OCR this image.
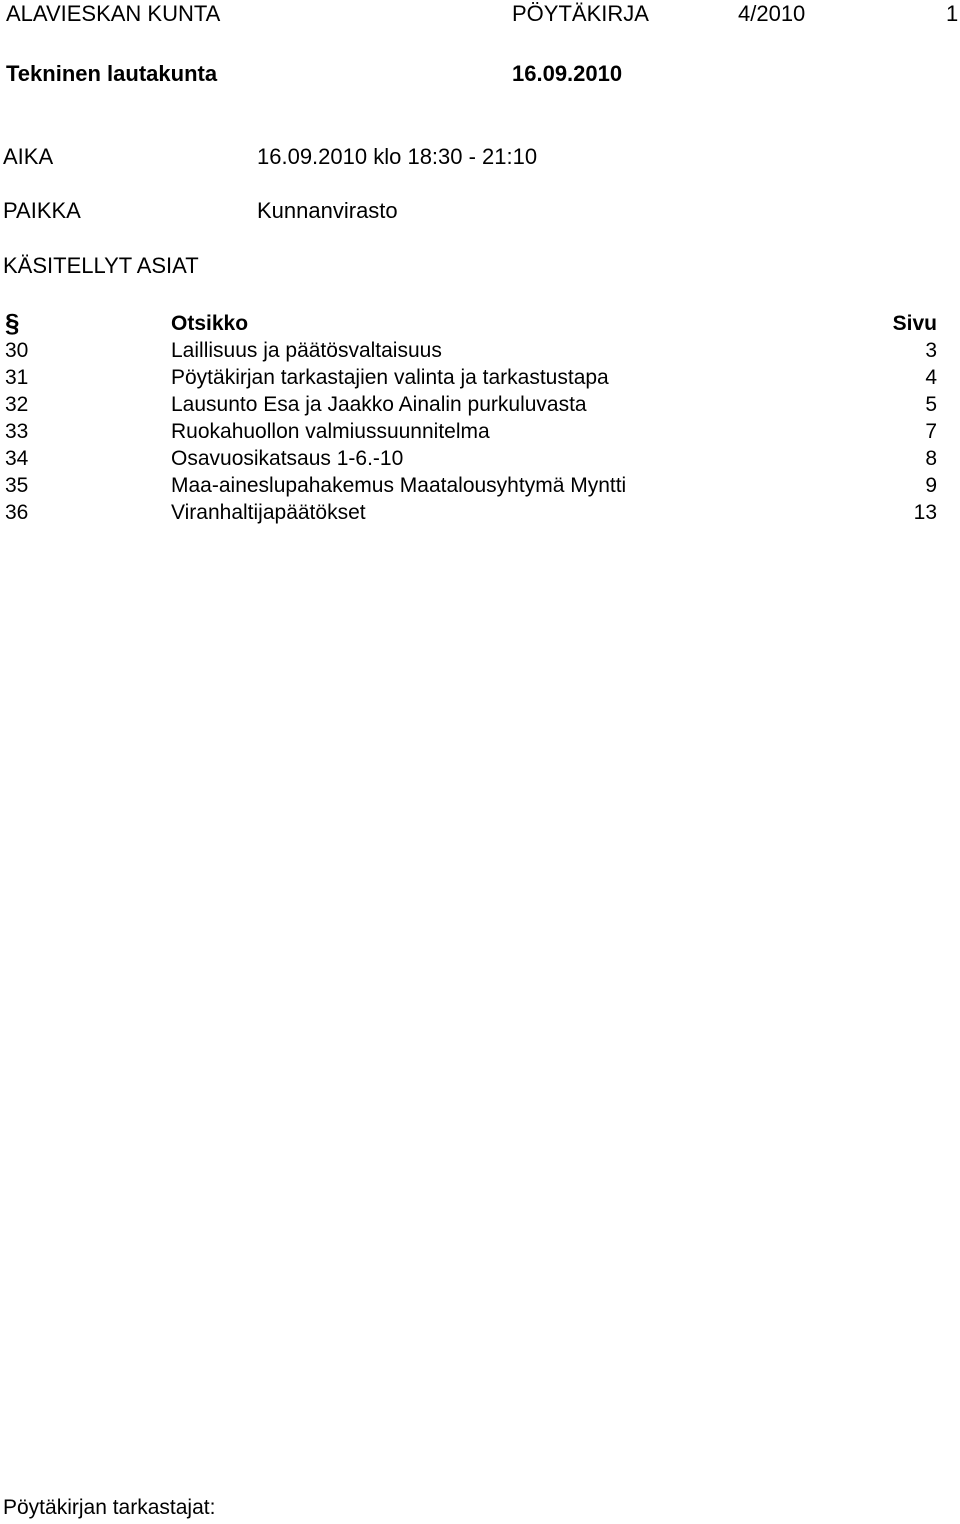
ALAVIESKAN KUNTA	PÖYTÄKIRJA	4/2010	1
Tekninen lautakunta	16.09.2010
AIKA	16.09.2010 klo 18:30 - 21:10
PAIKKA	Kunnanvirasto
KÄSITELLYT ASIAT
§	Otsikko	Sivu
30	Laillisuus ja päätösvaltaisuus	3
31	Pöytäkirjan tarkastajien valinta ja tarkastustapa	4
32	Lausunto Esa ja Jaakko Ainalin purkuluvasta	5
33	Ruokahuollon valmiussuunnitelma	7
34	Osavuosikatsaus 1-6.-10	8
35	Maa-aineslupahakemus Maatalousyhtymä Myntti	9
36	Viranhaltijapäätökset	13
Pöytäkirjan tarkastajat:
